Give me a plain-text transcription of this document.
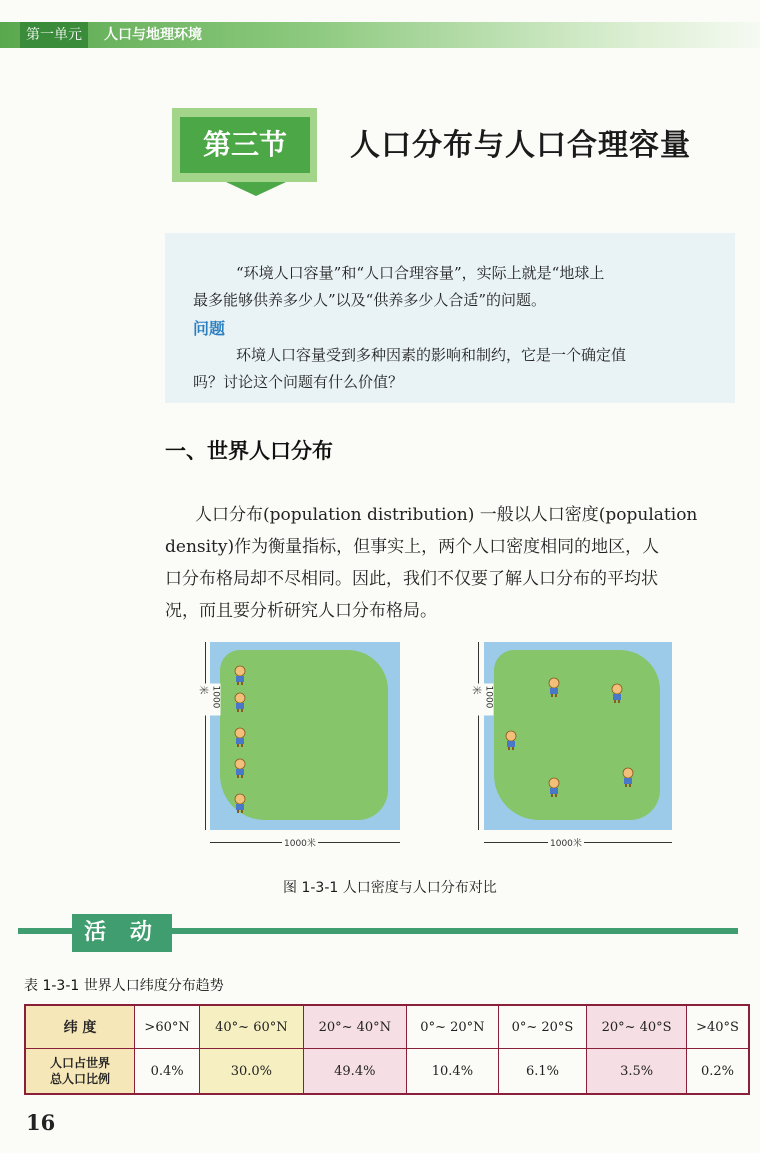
第一单元	人口与地理环境
第三节	人口分布与人口合理容量
“环境人口容量”和“人口合理容量”，实际上就是“地球上
最多能够供养多少人”以及“供养多少人合适”的问题。
问题
环境人口容量受到多种因素的影响和制约，它是一个确定值
吗？讨论这个问题有什么价值？
一、世界人口分布
人口分布(population distribution) 一般以人口密度(population
density)作为衡量指标，但事实上，两个人口密度相同的地区，人
口分布格局却不尽相同。因此，我们不仅要了解人口分布的平均状
况，而且要分析研究人口分布格局。
1000米
1000米
1000米
1000米
图 1-3-1 人口密度与人口分布对比
活 动
表 1-3-1 世界人口纬度分布趋势
纬 度	>60°N	40°~ 60°N	20°~ 40°N	0°~ 20°N	0°~ 20°S	20°~ 40°S	>40°S

人口占世界
总人口比例	0.4%	30.0%	49.4%	10.4%	6.1%	3.5%	0.2%
16
